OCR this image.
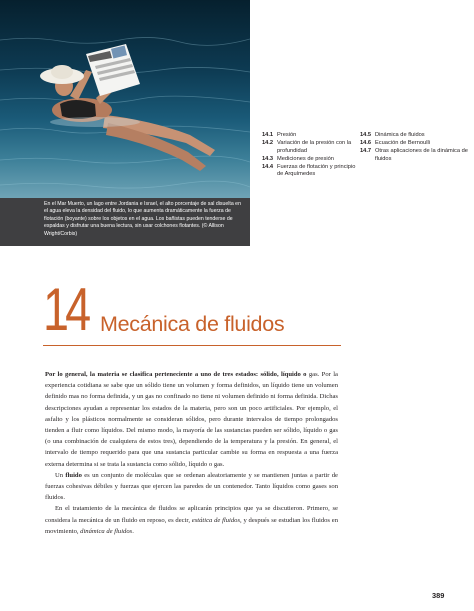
En el Mar Muerto, un lago entre Jordania e Israel, el alto porcentaje de sal disuelta en el agua eleva la densidad del fluido, lo que aumenta dramáticamente la fuerza de flotación (boyante) sobre los objetos en el agua. Los bañistas pueden tenderse de espaldas y disfrutar una buena lectura, sin usar colchones flotantes. (© Allison Wright/Corbis)
14.1 Presión
14.2 Variación de la presión con la profundidad
14.3 Mediciones de presión
14.4 Fuerzas de flotación y principio de Arquímedes
14.5 Dinámica de fluidos
14.6 Ecuación de Bernoulli
14.7 Otras aplicaciones de la dinámica de fluidos
14 Mecánica de fluidos

Por lo general, la materia se clasifica perteneciente a uno de tres estados: sólido, líquido o gas. Por la experiencia cotidiana se sabe que un sólido tiene un volumen y forma definidos, un líquido tiene un volumen definido mas no forma definida, y un gas no confinado no tiene ni volumen definido ni forma definida. Dichas descripciones ayudan a representar los estados de la materia, pero son un poco artificiales. Por ejemplo, el asfalto y los plásticos normalmente se consideran sólidos, pero durante intervalos de tiempo prolongados tienden a fluir como líquidos. Del mismo modo, la mayoría de las sustancias pueden ser sólido, líquido o gas (o una combinación de cualquiera de estos tres), dependiendo de la temperatura y la presión. En general, el intervalo de tiempo requerido para que una sustancia particular cambie su forma en respuesta a una fuerza externa determina si se trata la sustancia como sólido, líquido o gas.

Un fluido es un conjunto de moléculas que se ordenan aleatoriamente y se mantienen juntas a partir de fuerzas cohesivas débiles y fuerzas que ejercen las paredes de un contenedor. Tanto líquidos como gases son fluidos.

En el tratamiento de la mecánica de fluidos se aplicarán principios que ya se discutieron. Primero, se considera la mecánica de un fluido en reposo, es decir, estática de fluidos, y después se estudian los fluidos en movimiento, dinámica de fluidos.

389
